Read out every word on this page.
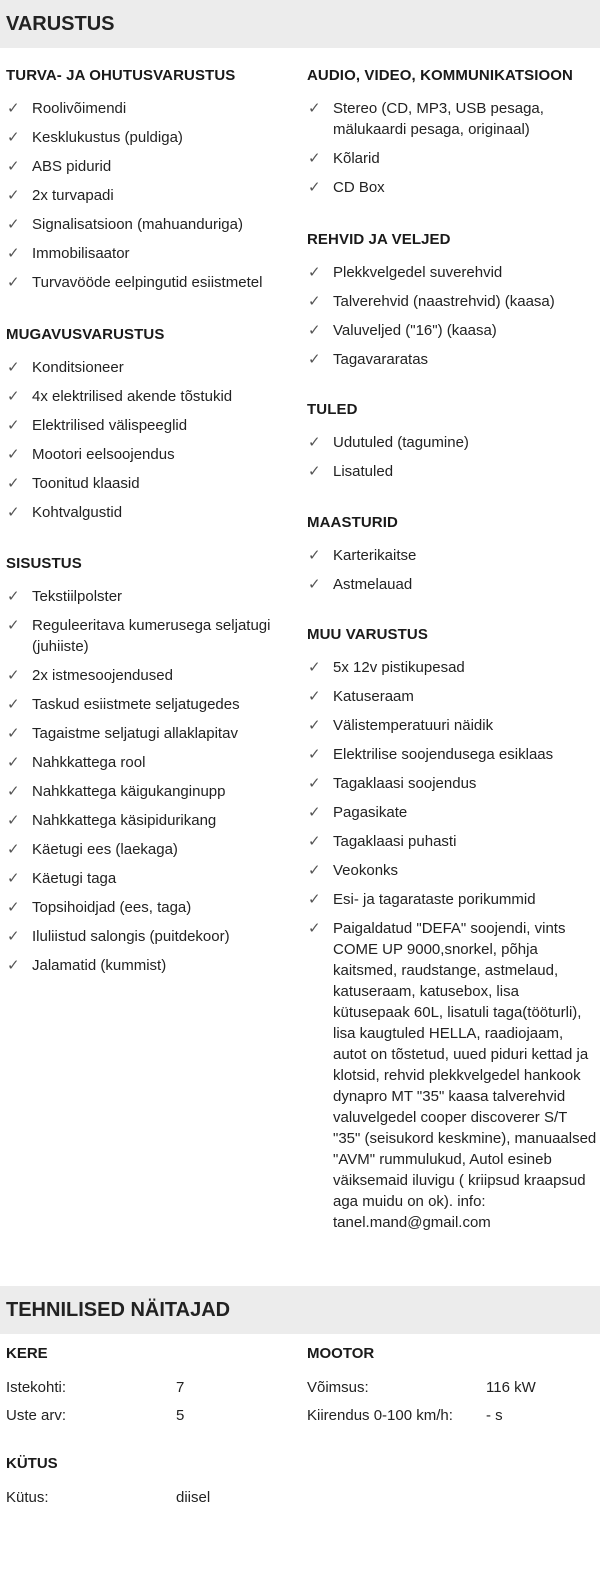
VARUSTUS
TURVA- JA OHUTUSVARUSTUS
✓ Roolivõimendi
✓ Kesklukustus (puldiga)
✓ ABS pidurid
✓ 2x turvapadi
✓ Signalisatsioon (mahuanduriga)
✓ Immobilisaator
✓ Turvavööde eelpingutid esiistmetel
MUGAVUSVARUSTUS
✓ Konditsioneer
✓ 4x elektrilised akende tõstukid
✓ Elektrilised välispeeglid
✓ Mootori eelsoojendus
✓ Toonitud klaasid
✓ Kohtvalgustid
SISUSTUS
✓ Tekstiilpolster
✓ Reguleeritava kumerusega seljatugi (juhiiste)
✓ 2x istmesoojendused
✓ Taskud esiistmete seljatugedes
✓ Tagaistme seljatugi allaklapitav
✓ Nahkkattega rool
✓ Nahkkattega käigukanginupp
✓ Nahkkattega käsipidurikang
✓ Käetugi ees (laekaga)
✓ Käetugi taga
✓ Topsihoidjad (ees, taga)
✓ Iluliistud salongis (puitdekoor)
✓ Jalamatid (kummist)
AUDIO, VIDEO, KOMMUNIKATSIOON
✓ Stereo (CD, MP3, USB pesaga, mälukaardi pesaga, originaal)
✓ Kõlarid
✓ CD Box
REHVID JA VELJED
✓ Plekkvelgedel suverehvid
✓ Talverehvid (naastrehvid) (kaasa)
✓ Valuveljed ("16") (kaasa)
✓ Tagavararatas
TULED
✓ Udutuled (tagumine)
✓ Lisatuled
MAASTURID
✓ Karterikaitse
✓ Astmelauad
MUU VARUSTUS
✓ 5x 12v pistikupesad
✓ Katuseraam
✓ Välistemperatuuri näidik
✓ Elektrilise soojendusega esiklaas
✓ Tagaklaasi soojendus
✓ Pagasikate
✓ Tagaklaasi puhasti
✓ Veokonks
✓ Esi- ja tagarataste porikummid
✓ Paigaldatud "DEFA" soojendi, vints COME UP 9000,snorkel, põhja kaitsmed, raudstange, astmelaud, katuseraam, katusebox, lisa kütusepaak 60L, lisatuli taga(tööturli), lisa kaugtuled HELLA, raadiojaam, autot on tõstetud, uued piduri kettad ja klotsid, rehvid plekkvelgedel hankook dynapro MT "35" kaasa talverehvid valuvelgedel cooper discoverer S/T "35" (seisukord keskmine), manuaalsed "AVM" rummulukud, Autol esineb väiksemaid iluvigu ( kriipsud kraapsud aga muidu on ok). info: tanel.mand@gmail.com
TEHNILISED NÄITAJAD
KERE
Istekohti:	7
Uste arv:	5
MOOTOR
Võimsus:	116 kW
Kiirendus 0-100 km/h: - s
KÜTUS
Kütus:	diisel
